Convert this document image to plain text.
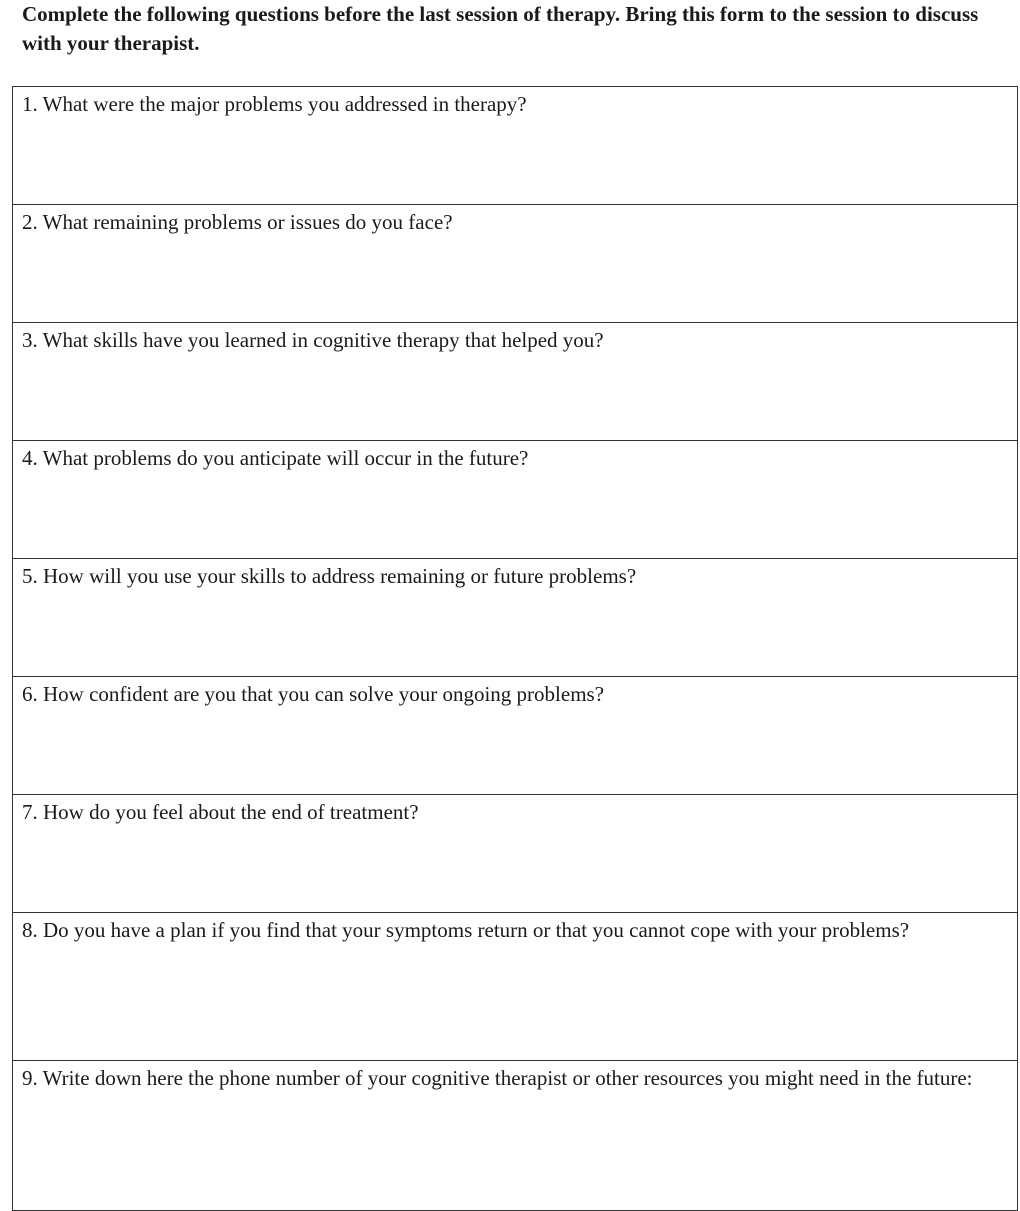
Complete the following questions before the last session of therapy. Bring this form to the session to discuss with your therapist.

1. What were the major problems you addressed in therapy?
2. What remaining problems or issues do you face?
3. What skills have you learned in cognitive therapy that helped you?
4. What problems do you anticipate will occur in the future?
5. How will you use your skills to address remaining or future problems?
6. How confident are you that you can solve your ongoing problems?
7. How do you feel about the end of treatment?
8. Do you have a plan if you find that your symptoms return or that you cannot cope with your problems?
9. Write down here the phone number of your cognitive therapist or other resources you might need in the future:
